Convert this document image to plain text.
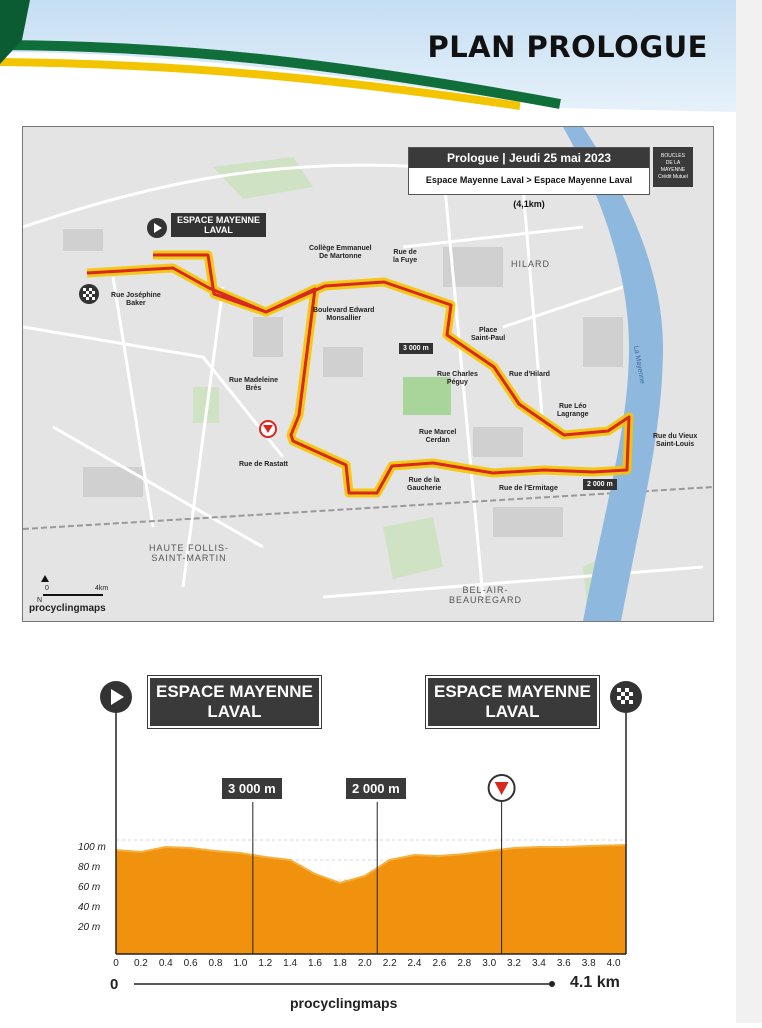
PLAN PROLOGUE
Prologue | Jeudi 25 mai 2023
Espace Mayenne Laval > Espace Mayenne Laval (4,1km)
BOUCLES
DE LA
MAYENNE
Crédit Mutuel
ESPACE MAYENNE
LAVAL
Rue Joséphine
Baker
Collège Emmanuel
De Martonne
Rue de
la Fuye
Boulevard Edward
Monsallier
Place
Saint-Paul
Rue d'Hilard
Rue Charles
Péguy
Rue Madeleine
Brès
Rue Léo
Lagrange
Rue du Vieux
Saint-Louis
Rue Marcel
Cerdan
Rue de Rastatt
Rue de la
Gaucherie	Rue de l'Ermitage
3 000 m
2 000 m
HILARD
HAUTE FOLLIS-
SAINT-MARTIN
BEL-AIR-
BEAUREGARD
La Mayenne
N
0	4km
procyclingmaps
ESPACE MAYENNE
LAVAL
ESPACE MAYENNE
LAVAL
3 000 m	2 000 m
100 m
80 m
60 m
40 m
20 m
0	0.2	0.4	0.6	0.8	1.0	1.2	1.4	1.6	1.8	2.0	2.2	2.4	2.6	2.8	3.0	3.2	3.4	3.6	3.8	4.0
0	4.1 km
procyclingmaps
